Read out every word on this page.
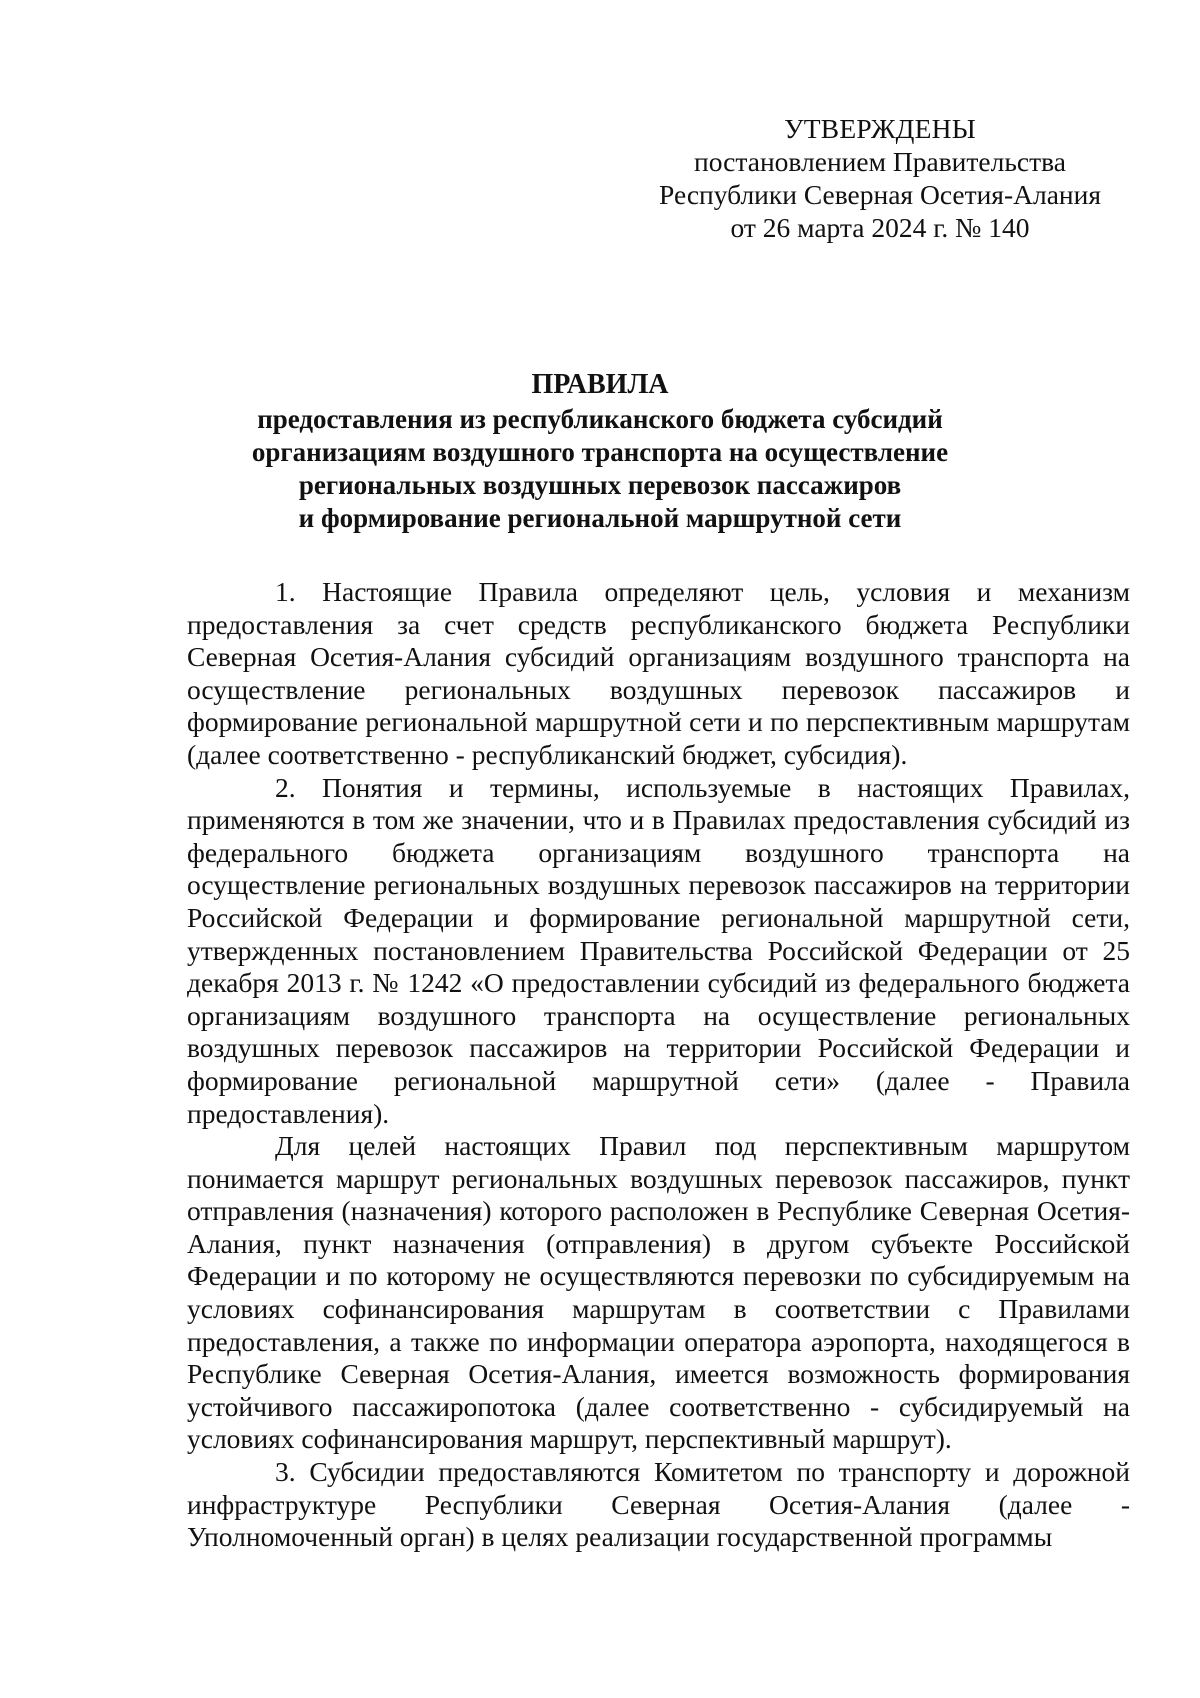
УТВЕРЖДЕНЫ
постановлением Правительства
Республики Северная Осетия-Алания
от 26 марта 2024 г. № 140
ПРАВИЛА
предоставления из республиканского бюджета субсидий
организациям воздушного транспорта на осуществление
региональных воздушных перевозок пассажиров
и формирование региональной маршрутной сети

1. Настоящие Правила определяют цель, условия и механизм предоставления за счет средств республиканского бюджета Республики Северная Осетия-Алания субсидий организациям воздушного транспорта на осуществление региональных воздушных перевозок пассажиров и формирование региональной маршрутной сети и по перспективным маршрутам (далее соответственно - республиканский бюджет, субсидия).

2. Понятия и термины, используемые в настоящих Правилах, применяются в том же значении, что и в Правилах предоставления субсидий из федерального бюджета организациям воздушного транспорта на осуществление региональных воздушных перевозок пассажиров на территории Российской Федерации и формирование региональной маршрутной сети, утвержденных постановлением Правительства Российской Федерации от 25 декабря 2013 г. № 1242 «О предоставлении субсидий из федерального бюджета организациям воздушного транспорта на осуществление региональных воздушных перевозок пассажиров на территории Российской Федерации и формирование региональной маршрутной сети» (далее - Правила предоставления).

Для целей настоящих Правил под перспективным маршрутом понимается маршрут региональных воздушных перевозок пассажиров, пункт отправления (назначения) которого расположен в Республике Северная Осетия-Алания, пункт назначения (отправления) в другом субъекте Российской Федерации и по которому не осуществляются перевозки по субсидируемым на условиях софинансирования маршрутам в соответствии с Правилами предоставления, а также по информации оператора аэропорта, находящегося в Республике Северная Осетия-Алания, имеется возможность формирования устойчивого пассажиропотока (далее соответственно - субсидируемый на условиях софинансирования маршрут, перспективный маршрут).

3. Субсидии предоставляются Комитетом по транспорту и дорожной инфраструктуре Республики Северная Осетия-Алания (далее - Уполномоченный орган) в целях реализации государственной программы
